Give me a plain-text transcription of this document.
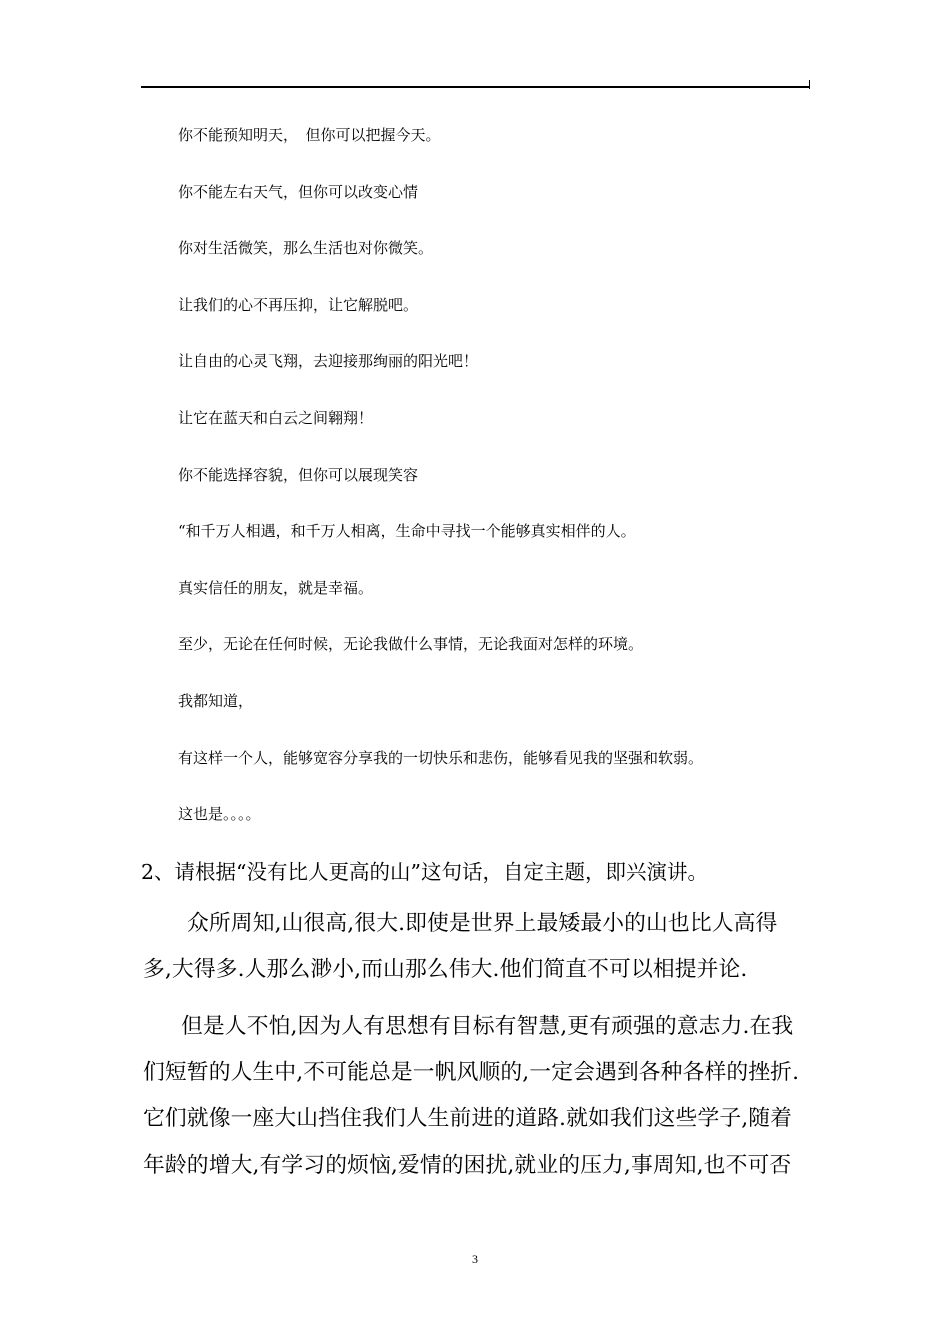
你不能预知明天，　但你可以把握今天。
你不能左右天气，但你可以改变心情
你对生活微笑，那么生活也对你微笑。
让我们的心不再压抑，让它解脱吧。
让自由的心灵飞翔，去迎接那绚丽的阳光吧！
让它在蓝天和白云之间翱翔！
你不能选择容貌，但你可以展现笑容
“和千万人相遇，和千万人相离，生命中寻找一个能够真实相伴的人。
真实信任的朋友，就是幸福。
至少，无论在任何时候，无论我做什么事情，无论我面对怎样的环境。
我都知道，
有这样一个人，能够宽容分享我的一切快乐和悲伤，能够看见我的坚强和软弱。
这也是。。。。
2、请根据“没有比人更高的山”这句话，自定主题，即兴演讲。
众所周知,山很高,很大.即使是世界上最矮最小的山也比人高得
多,大得多.人那么渺小,而山那么伟大.他们简直不可以相提并论.
但是人不怕,因为人有思想有目标有智慧,更有顽强的意志力.在我
们短暂的人生中,不可能总是一帆风顺的,一定会遇到各种各样的挫折.
它们就像一座大山挡住我们人生前进的道路.就如我们这些学子,随着
年龄的增大,有学习的烦恼,爱情的困扰,就业的压力,事周知,也不可否
3
